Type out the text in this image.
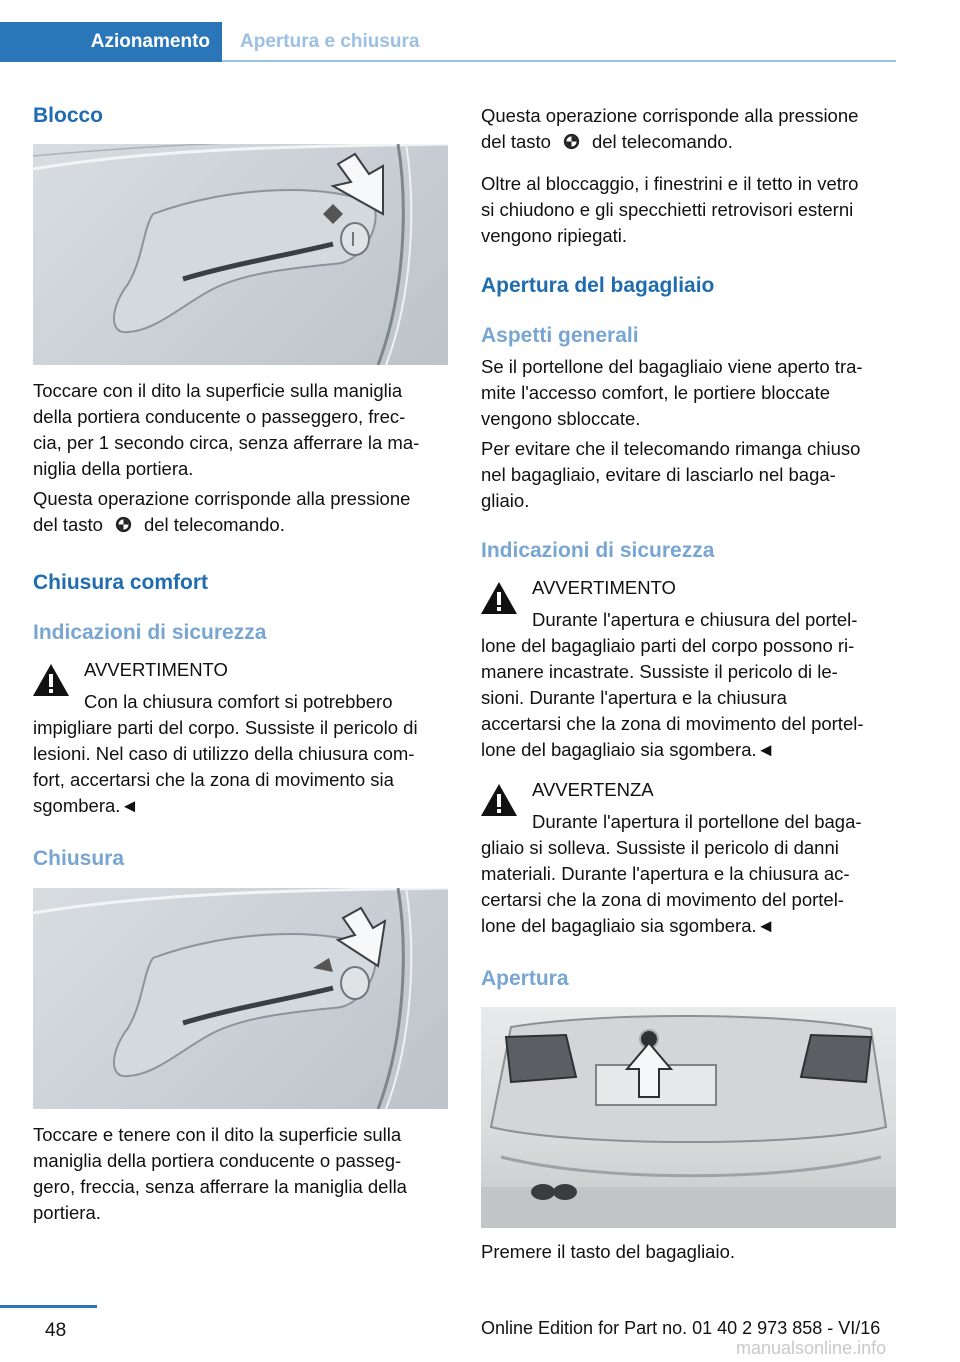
Azionamento	Apertura e chiusura
Blocco
Toccare con il dito la superficie sulla maniglia
della portiera conducente o passeggero, frec‐
cia, per 1 secondo circa, senza afferrare la ma‐
niglia della portiera.
Questa operazione corrisponde alla pressione
del tasto del telecomando.
Chiusura comfort
Indicazioni di sicurezza
AVVERTIMENTO
Con la chiusura comfort si potrebbero
impigliare parti del corpo. Sussiste il pericolo di
lesioni. Nel caso di utilizzo della chiusura com‐
fort, accertarsi che la zona di movimento sia
sgombera.◄
Chiusura
Toccare e tenere con il dito la superficie sulla
maniglia della portiera conducente o passeg‐
gero, freccia, senza afferrare la maniglia della
portiera.
Questa operazione corrisponde alla pressione
del tasto del telecomando.
Oltre al bloccaggio, i finestrini e il tetto in vetro
si chiudono e gli specchietti retrovisori esterni
vengono ripiegati.
Apertura del bagagliaio
Aspetti generali
Se il portellone del bagagliaio viene aperto tra‐
mite l'accesso comfort, le portiere bloccate
vengono sbloccate.
Per evitare che il telecomando rimanga chiuso
nel bagagliaio, evitare di lasciarlo nel baga‐
gliaio.
Indicazioni di sicurezza
AVVERTIMENTO
Durante l'apertura e chiusura del portel‐
lone del bagagliaio parti del corpo possono ri‐
manere incastrate. Sussiste il pericolo di le‐
sioni. Durante l'apertura e la chiusura
accertarsi che la zona di movimento del portel‐
lone del bagagliaio sia sgombera.◄
AVVERTENZA
Durante l'apertura il portellone del baga‐
gliaio si solleva. Sussiste il pericolo di danni
materiali. Durante l'apertura e la chiusura ac‐
certarsi che la zona di movimento del portel‐
lone del bagagliaio sia sgombera.◄
Apertura
Premere il tasto del bagagliaio.
48	Online Edition for Part no. 01 40 2 973 858 - VI/16
manualsonline.info
